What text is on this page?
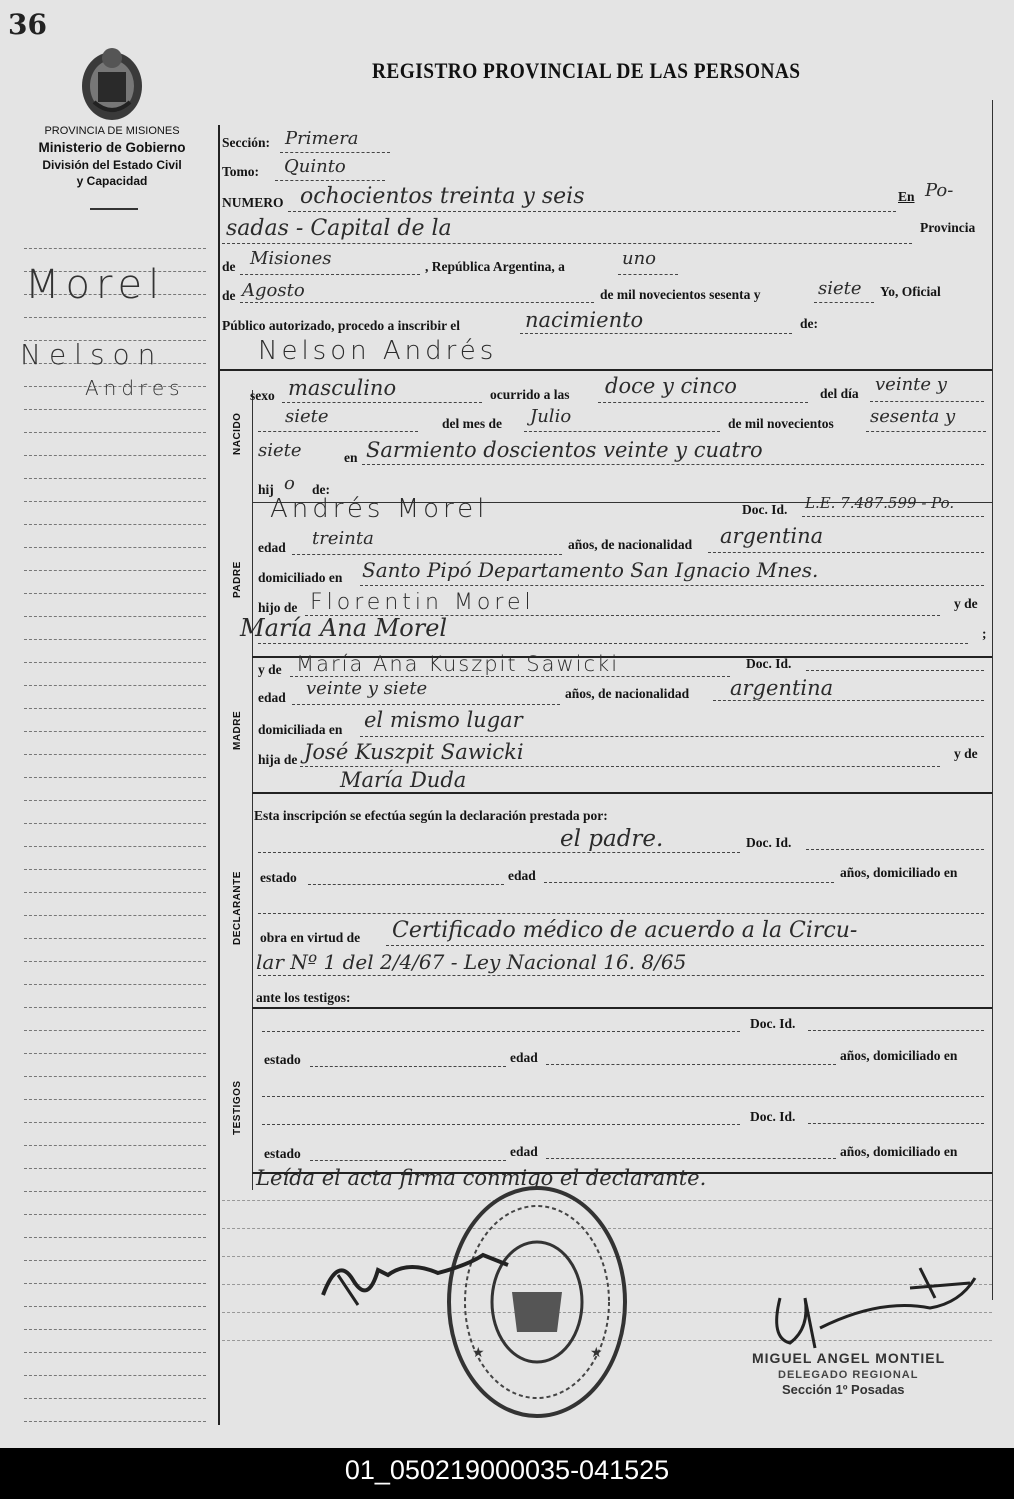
36
REGISTRO PROVINCIAL DE LAS PERSONAS
PROVINCIA DE MISIONES
Ministerio de Gobierno
División del Estado Civil
y Capacidad
Morel
Nelson
Andres
NACIDO
PADRE
MADRE
DECLARANTE
TESTIGOS
Sección: Primera
Tomo: Quinto
NUMERO ochocientos treinta y seis	En Po-
sadas - Capital de la	Provincia
de Misiones	, República Argentina, a	uno
de Agosto	de mil novecientos sesenta y	siete Yo, Oficial
Público autorizado, procedo a inscribir el	nacimiento	de:
Nelson Andrés
sexo masculino	ocurrido a las doce y cinco	del día veinte y
siete	del mes de Julio	de mil novecientos sesenta y
siete	en Sarmiento doscientos veinte y cuatro
hij o de:
Andrés Morel	Doc. Id. L.E. 7.487.599 - Po.
edad treinta	años, de nacionalidad argentina
domiciliado en Santo Pipó Departamento San Ignacio Mnes.
hijo de Florentin Morel	y de
María Ana Morel	;
y de María Ana Kuszpit Sawicki	Doc. Id.
edad veinte y siete	años, de nacionalidad argentina
domiciliada en el mismo lugar
hija de José Kuszpit Sawicki	y de
María Duda
Esta inscripción se efectúa según la declaración prestada por:
el padre.	Doc. Id.
estado	edad	años, domiciliado en
obra en virtud de Certificado médico de acuerdo a la Circu-
lar Nº 1 del 2/4/67 - Ley Nacional 16. 8/65
ante los testigos:
Doc. Id.
estado	edad	años, domiciliado en
Doc. Id.
estado	edad	años, domiciliado en
Leída el acta firma conmigo el declarante.
★	★	MIGUEL ANGEL MONTIEL
DELEGADO REGIONAL
Sección 1º Posadas
01_050219000035-041525
